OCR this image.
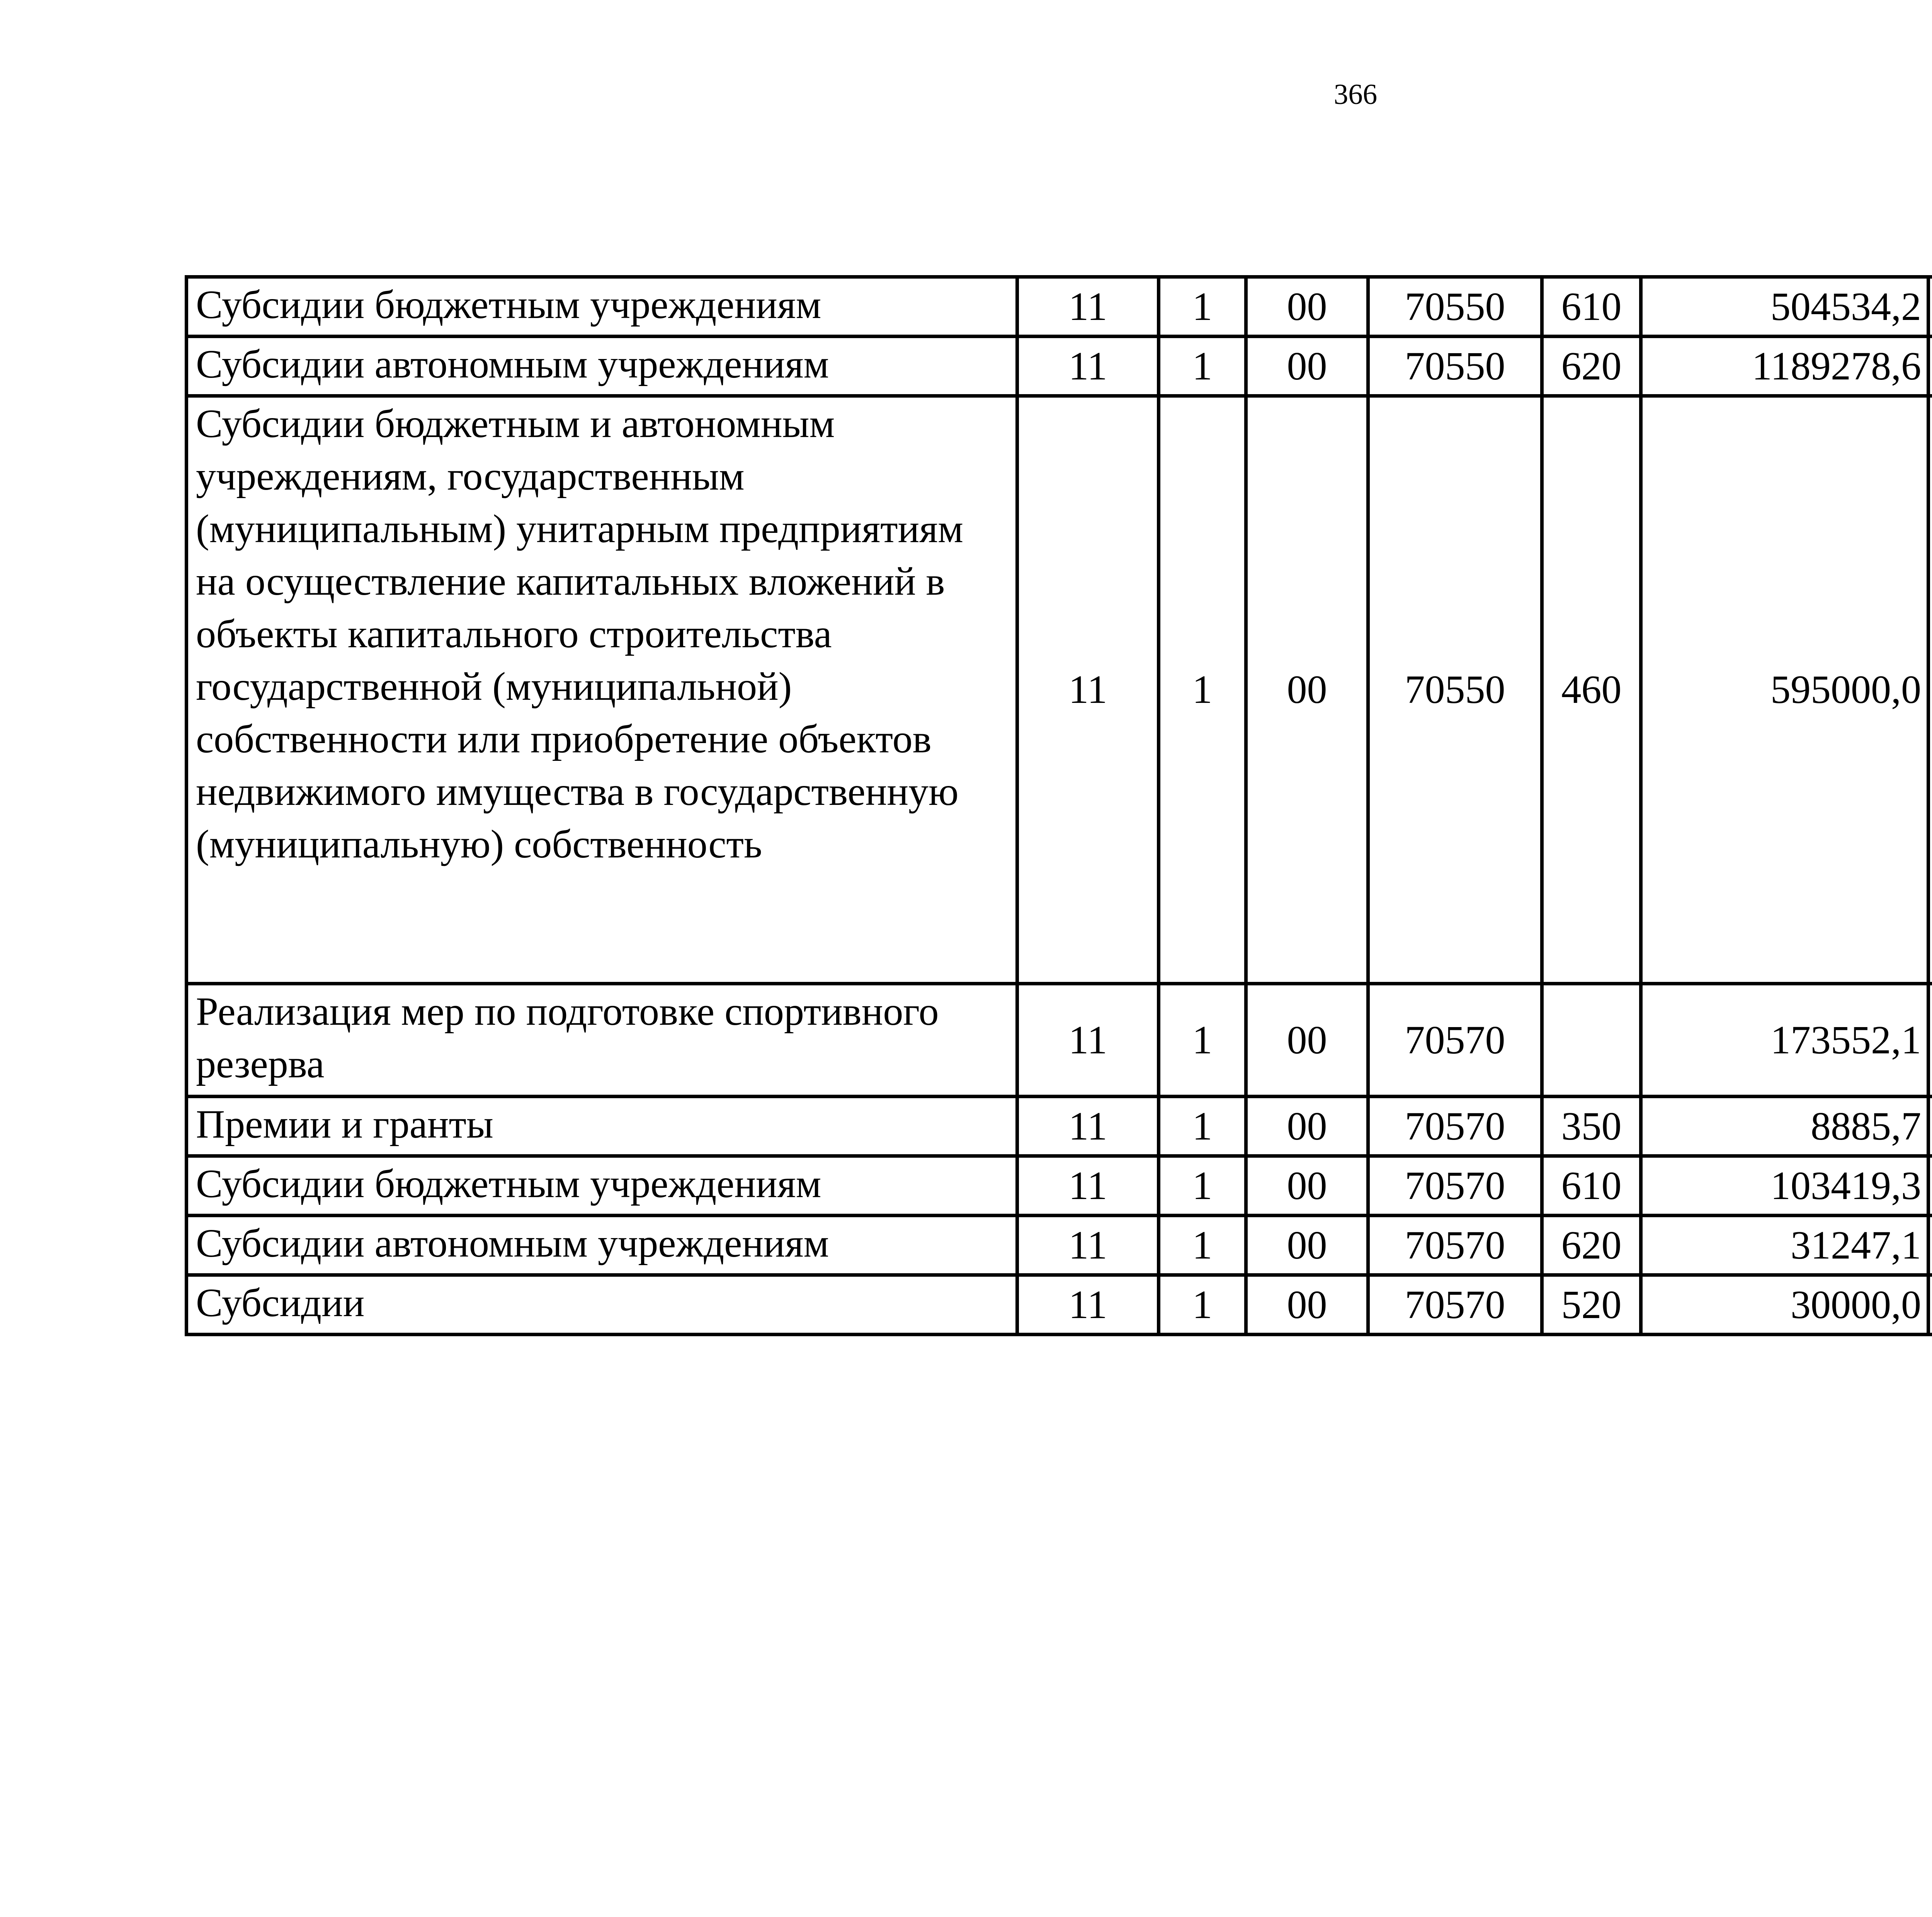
366
Субсидии бюджетным учреждениям	11	1	00	70550	610	504534,2		
Субсидии автономным учреждениям	11	1	00	70550	620	1189278,6		
Субсидии бюджетным и автономным учреждениям, государственным (муниципальным) унитарным предприятиям на осуществление капитальных вложений в объекты капитального строительства государственной (муниципальной) собственности или приобретение объектов недвижимого имущества в государственную (муниципальную) собственность	11	1	00	70550	460	595000,0		
Реализация мер по подготовке спортивного резерва	11	1	00	70570		173552,1		
Премии и гранты	11	1	00	70570	350	8885,7		
Субсидии бюджетным учреждениям	11	1	00	70570	610	103419,3		
Субсидии автономным учреждениям	11	1	00	70570	620	31247,1		
Субсидии	11	1	00	70570	520	30000,0		
